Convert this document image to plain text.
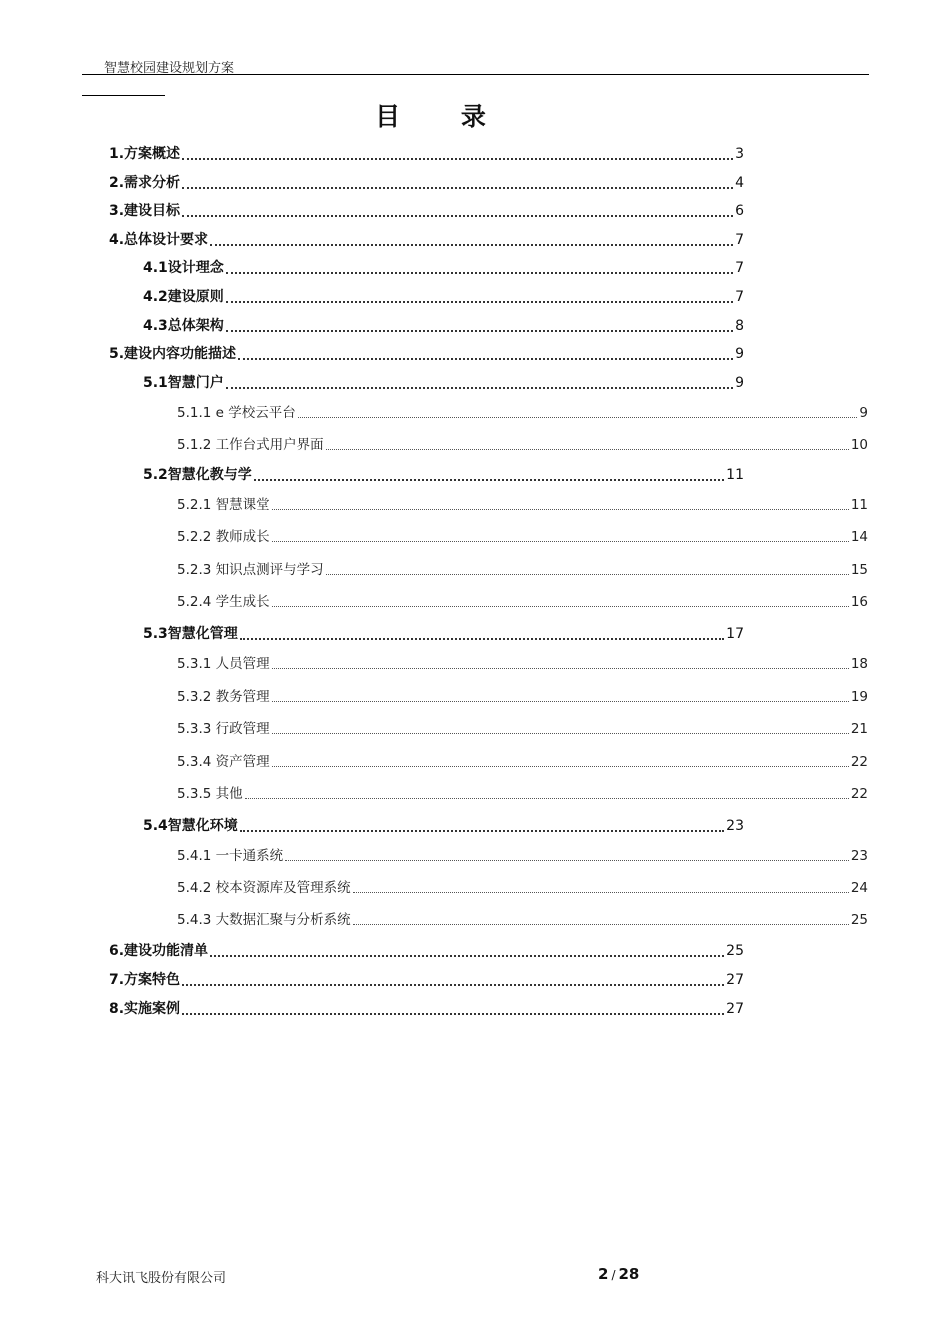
智慧校园建设规划方案
目 录
1.方案概述	3
2.需求分析	4
3.建设目标	6
4.总体设计要求	7
4.1设计理念	7
4.2建设原则	7
4.3总体架构	8
5.建设内容功能描述	9
5.1智慧门户	9
5.1.1 e 学校云平台	9
5.1.2 工作台式用户界面	10
5.2智慧化教与学	11
5.2.1 智慧课堂	11
5.2.2 教师成长	14
5.2.3 知识点测评与学习	15
5.2.4 学生成长	16
5.3智慧化管理	17
5.3.1 人员管理	18
5.3.2 教务管理	19
5.3.3 行政管理	21
5.3.4 资产管理	22
5.3.5 其他	22
5.4智慧化环境	23
5.4.1 一卡通系统	23
5.4.2 校本资源库及管理系统	24
5.4.3 大数据汇聚与分析系统	25
6.建设功能清单	25
7.方案特色	27
8.实施案例	27
科大讯飞股份有限公司	2 / 28
